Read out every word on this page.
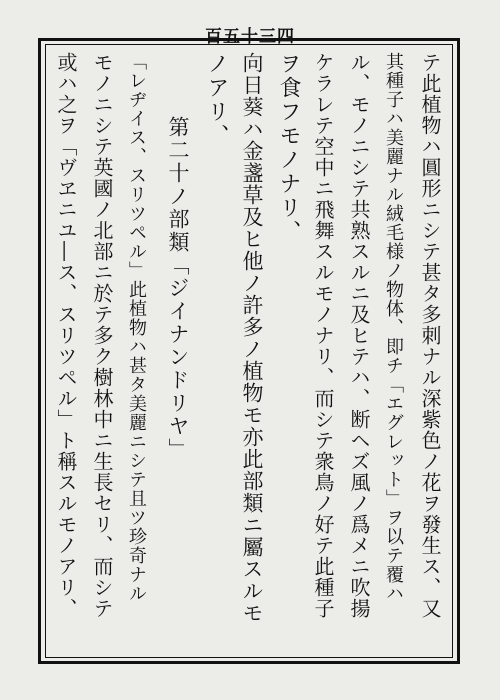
百五十三四
テ此植物ハ圓形ニシテ甚タ多刺ナル深紫色ノ花ヲ發生ス、又
其種子ハ美麗ナル絨毛様ノ物体、即チ「エグレット」ヲ以テ覆ハ
ル、モノニシテ共熟スルニ及ヒテハ、断ヘズ風ノ爲メニ吹揚
ケラレテ空中ニ飛舞スルモノナリ、而シテ衆鳥ノ好テ此種子
ヲ食フモノナリ、
向日葵ハ金盞草及ヒ他ノ許多ノ植物モ亦此部類ニ屬スルモ
ノアリ、
第二十ノ部類「ジイナンドリヤ」
「レヂイス、スリツペル」此植物ハ甚タ美麗ニシテ且ツ珍奇ナル
モノニシテ英國ノ北部ニ於テ多ク樹林中ニ生長セリ、而シテ
或ハ之ヲ「ヴヱニユ―ス、スリツペル」ト稱スルモノアリ、
